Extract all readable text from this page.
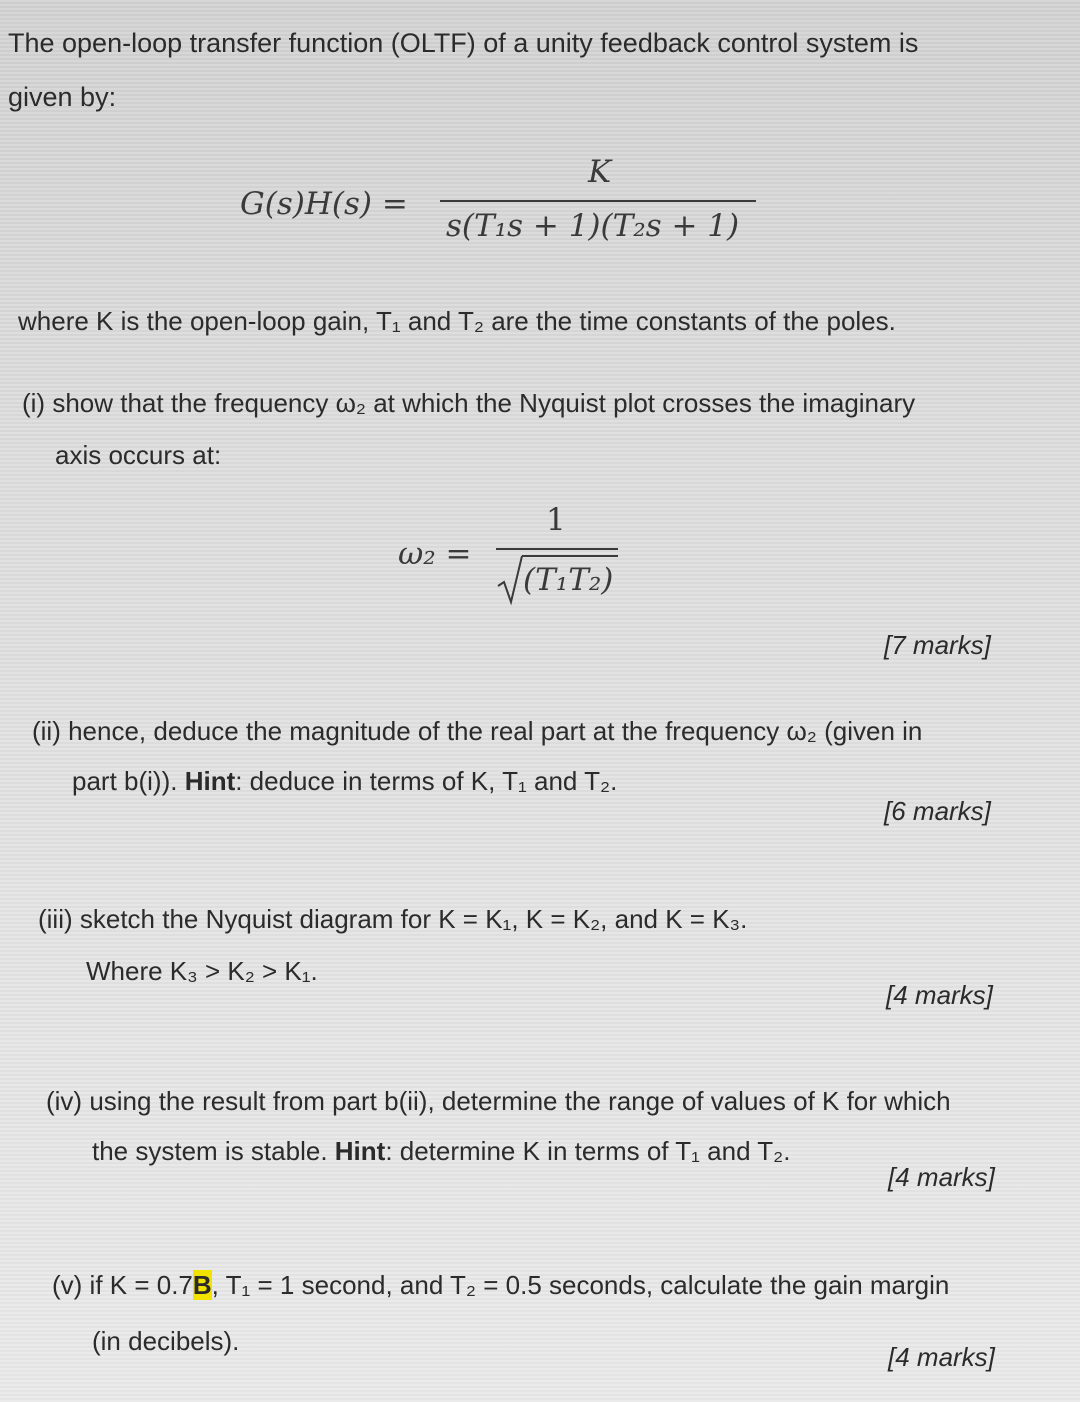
The open-loop transfer function (OLTF) of a unity feedback control system is
given by:
G(s)H(s) =
K
s(T₁s + 1)(T₂s + 1)
where K is the open-loop gain, T₁ and T₂ are the time constants of the poles.
(i) show that the frequency ω₂ at which the Nyquist plot crosses the imaginary
axis occurs at:
ω₂ =
1
(T₁T₂)
[7 marks]
(ii) hence, deduce the magnitude of the real part at the frequency ω₂ (given in
part b(i)). Hint: deduce in terms of K, T₁ and T₂.
[6 marks]
(iii) sketch the Nyquist diagram for K = K₁, K = K₂, and K = K₃.
Where K₃ > K₂ > K₁.
[4 marks]
(iv) using the result from part b(ii), determine the range of values of K for which
the system is stable. Hint: determine K in terms of T₁ and T₂.
[4 marks]
(v) if K = 0.7B, T₁ = 1 second, and T₂ = 0.5 seconds, calculate the gain margin
(in decibels).
[4 marks]
